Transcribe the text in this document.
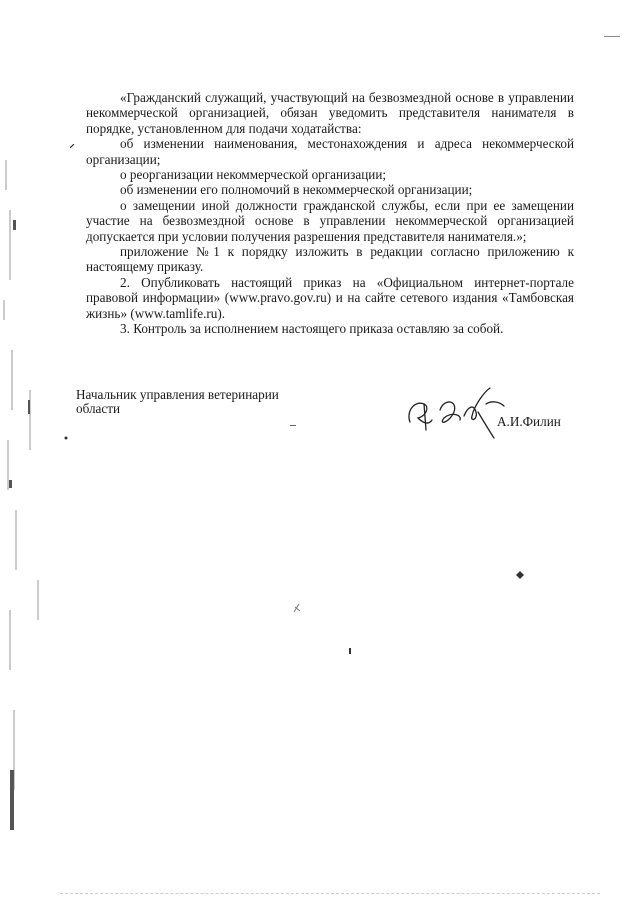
«Гражданский служащий, участвующий на безвозмездной основе в управлении некоммерческой организацией, обязан уведомить представителя нанимателя в порядке, установленном для подачи ходатайства:

об изменении наименования, местонахождения и адреса некоммерческой организации;

о реорганизации некоммерческой организации;

об изменении его полномочий в некоммерческой организации;

о замещении иной должности гражданской службы, если при ее замещении участие на безвозмездной основе в управлении некоммерческой организацией допускается при условии получения разрешения представителя нанимателя.»;

приложение №1 к порядку изложить в редакции согласно приложению к настоящему приказу.

2. Опубликовать настоящий приказ на «Официальном интернет-портале правовой информации» (www.pravo.gov.ru) и на сайте сетевого издания «Тамбовская жизнь» (www.tamlife.ru).

3. Контроль за исполнением настоящего приказа оставляю за собой.

Начальник управления ветеринарии
области
А.И.Филин
